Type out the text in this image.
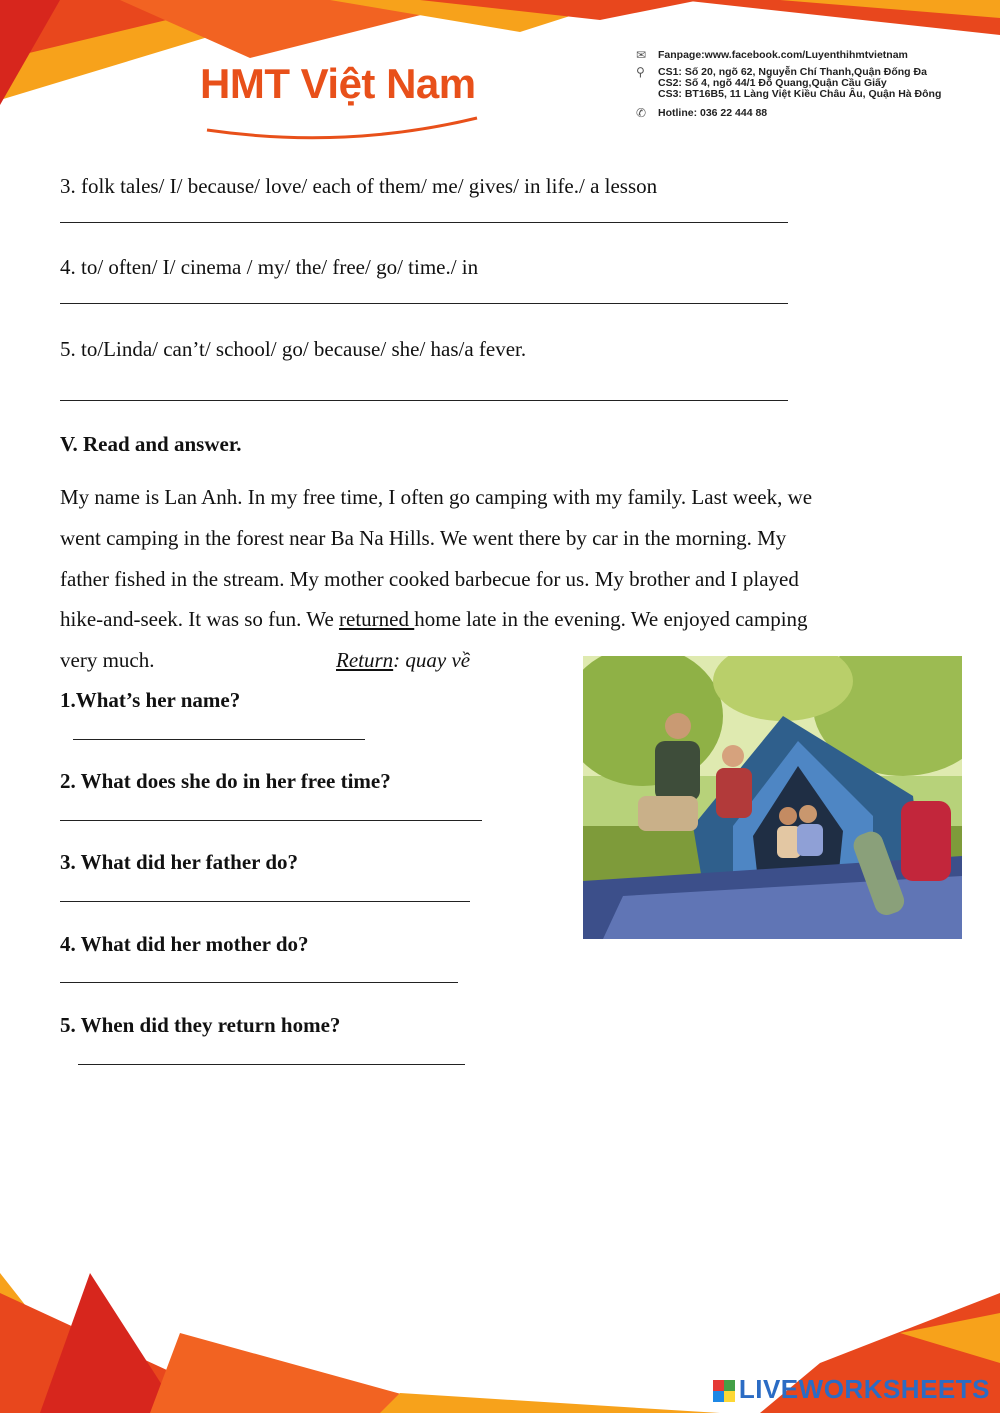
HMT Việt Nam
✉	Fanpage:www.facebook.com/Luyenthihmtvietnam
⚲	CS1: Số 20, ngõ 62, Nguyễn Chí Thanh,Quận Đống Đa
CS2: Số 4, ngõ 44/1 Đỗ Quang,Quận Cầu Giấy
CS3: BT16B5, 11 Làng Việt Kiều Châu Âu, Quận Hà Đông
✆	Hotline: 036 22 444 88
3. folk tales/ I/ because/ love/ each of them/ me/ gives/ in life./ a lesson
4. to/ often/ I/ cinema / my/ the/ free/ go/ time./ in
5. to/Linda/ can’t/ school/ go/ because/ she/ has/a fever.
V. Read and answer.
My name is Lan Anh. In my free time, I often go camping with my family. Last week, we
went camping in the forest near Ba Na Hills. We went there by car in the morning. My
father fished in the stream. My mother cooked barbecue for us. My brother and I played
hike-and-seek. It was so fun. We returned home late in the evening. We enjoyed camping
very much.	Return: quay về
1.What’s her name?
2. What does she do in her free time?
3. What did her father do?
4. What did her mother do?
5. When did they return home?
LIVEWORKSHEETS
